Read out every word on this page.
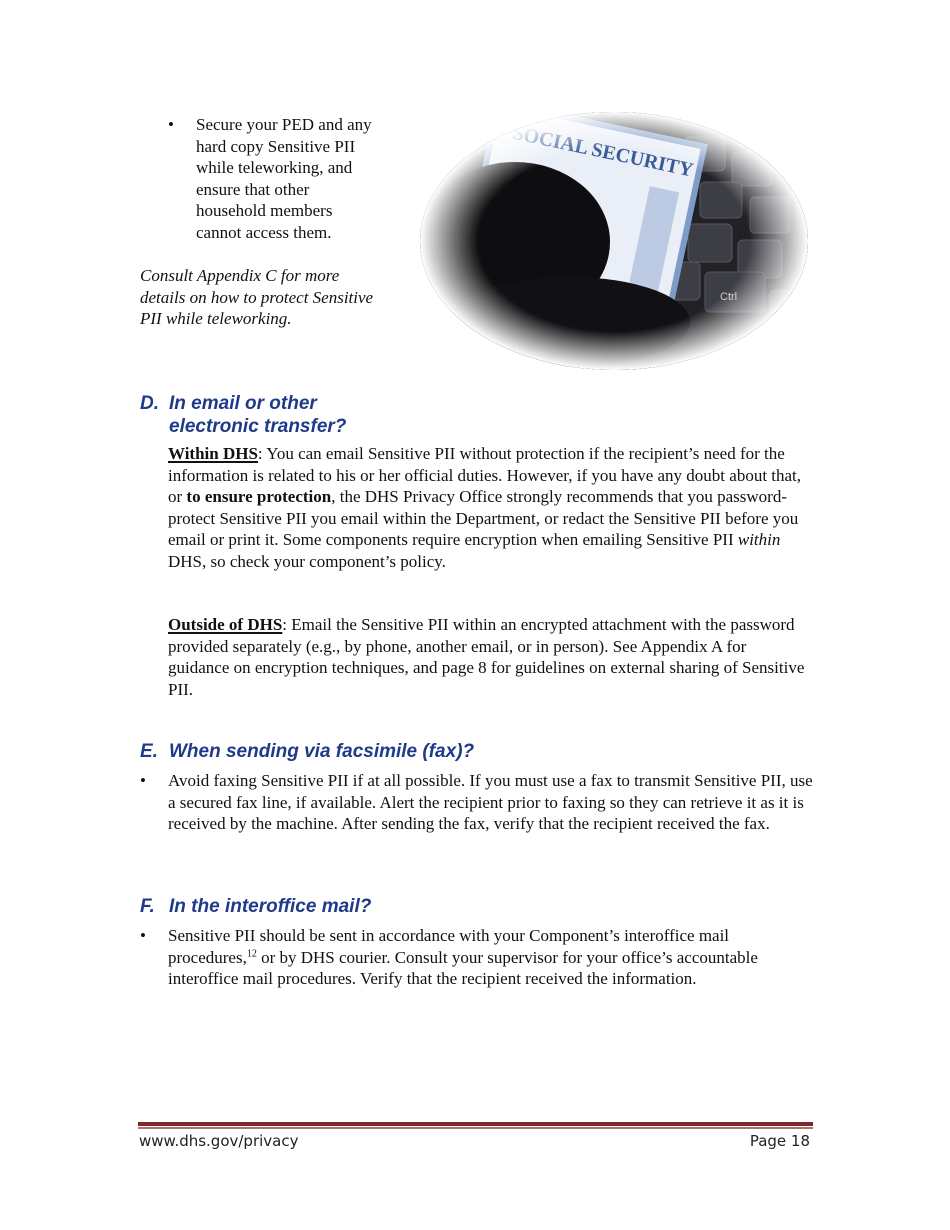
• Secure your PED and any
hard copy Sensitive PII
while teleworking, and
ensure that other
household members
cannot access them.
Consult Appendix C for more
details on how to protect Sensitive
PII while teleworking.
D. In email or other
electronic transfer?
Within DHS: You can email Sensitive PII without protection if the recipient’s need for the information is related to his or her official duties. However, if you have any doubt about that, or to ensure protection, the DHS Privacy Office strongly recommends that you password-protect Sensitive PII you email within the Department, or redact the Sensitive PII before you email or print it. Some components require encryption when emailing Sensitive PII within DHS, so check your component’s policy.
Outside of DHS: Email the Sensitive PII within an encrypted attachment with the password provided separately (e.g., by phone, another email, or in person). See Appendix A for guidance on encryption techniques, and page 8 for guidelines on external sharing of Sensitive PII.
E. When sending via facsimile (fax)?
• Avoid faxing Sensitive PII if at all possible. If you must use a fax to transmit Sensitive PII, use a secured fax line, if available. Alert the recipient prior to faxing so they can retrieve it as it is received by the machine. After sending the fax, verify that the recipient received the fax.
F. In the interoffice mail?
• Sensitive PII should be sent in accordance with your Component’s interoffice mail procedures,$^{12}$ or by DHS courier. Consult your supervisor for your office’s accountable interoffice mail procedures. Verify that the recipient received the information.
www.dhs.gov/privacy	Page 18
